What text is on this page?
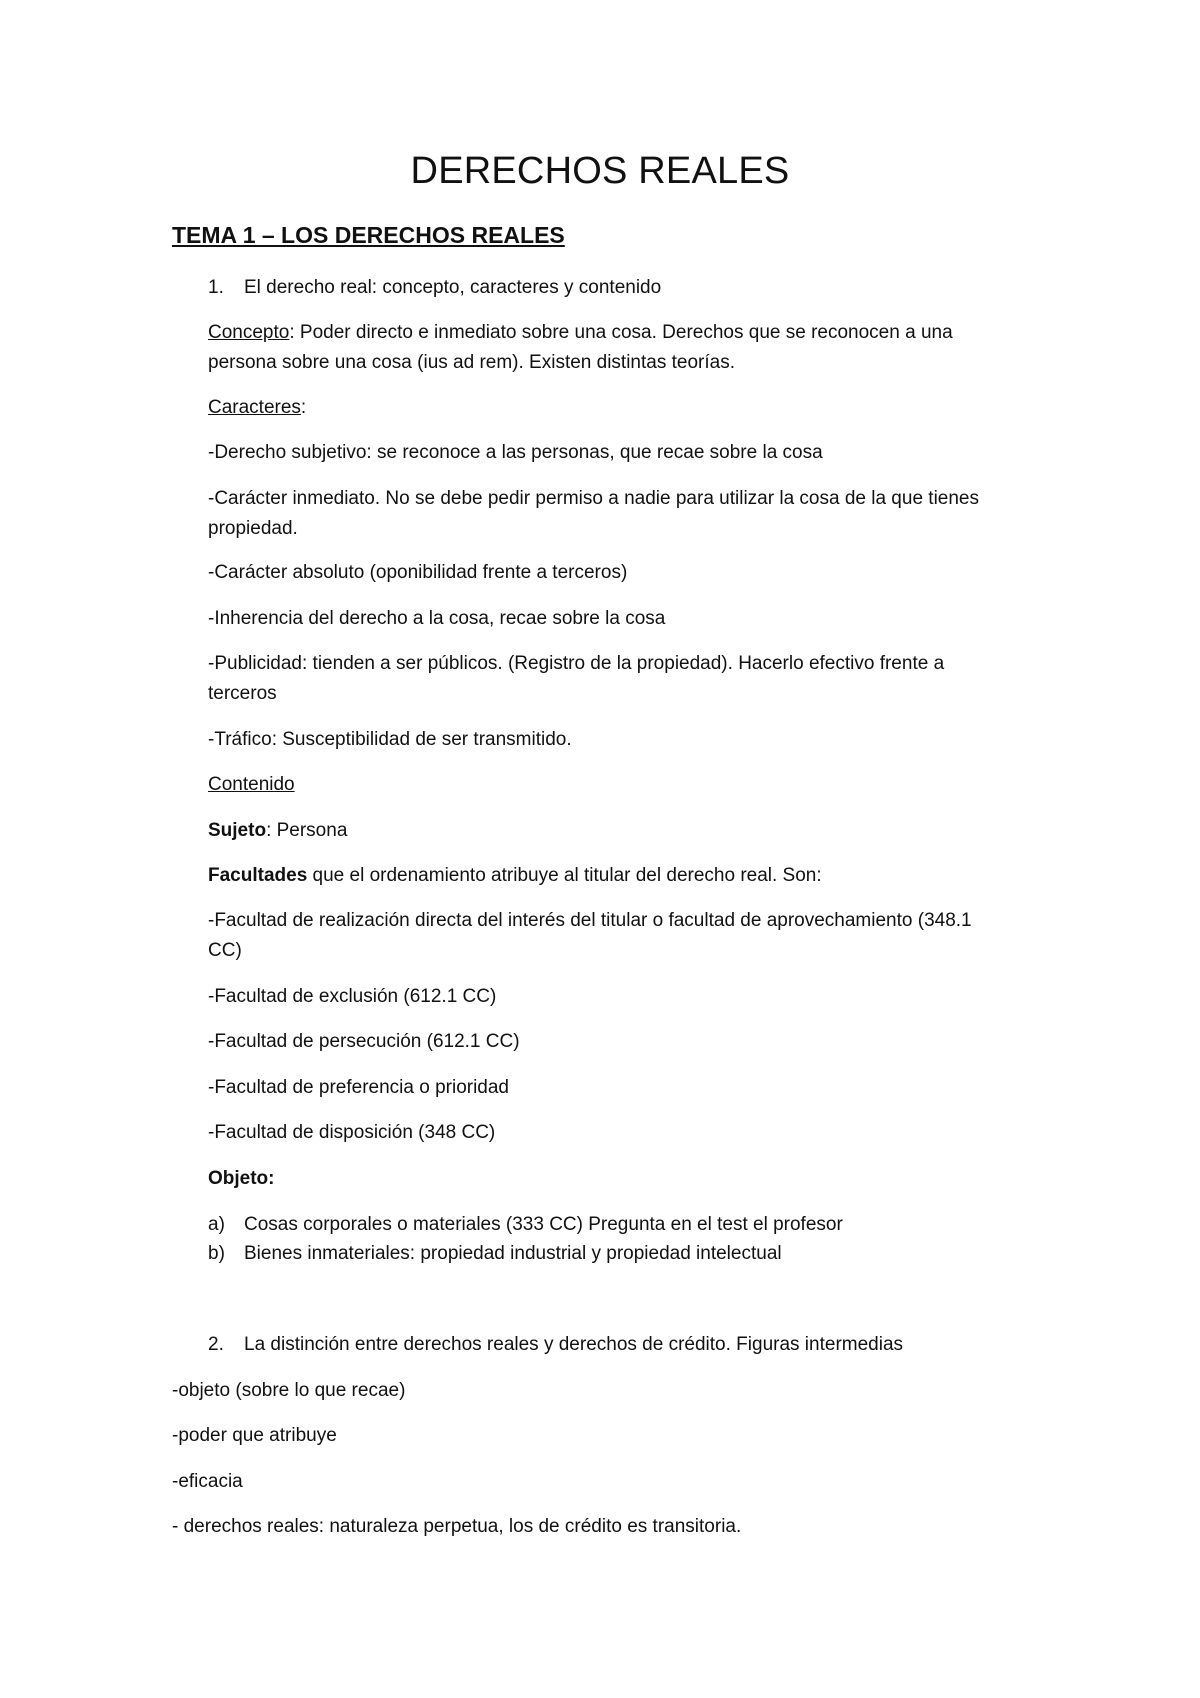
DERECHOS REALES
TEMA 1 – LOS DERECHOS REALES
1. El derecho real: concepto, caracteres y contenido
Concepto: Poder directo e inmediato sobre una cosa. Derechos que se reconocen a una
persona sobre una cosa (ius ad rem). Existen distintas teorías.
Caracteres:
-Derecho subjetivo: se reconoce a las personas, que recae sobre la cosa
-Carácter inmediato. No se debe pedir permiso a nadie para utilizar la cosa de la que tienes
propiedad.
-Carácter absoluto (oponibilidad frente a terceros)
-Inherencia del derecho a la cosa, recae sobre la cosa
-Publicidad: tienden a ser públicos. (Registro de la propiedad). Hacerlo efectivo frente a
terceros
-Tráfico: Susceptibilidad de ser transmitido.
Contenido
Sujeto: Persona
Facultades que el ordenamiento atribuye al titular del derecho real. Son:
-Facultad de realización directa del interés del titular o facultad de aprovechamiento (348.1
CC)
-Facultad de exclusión (612.1 CC)
-Facultad de persecución (612.1 CC)
-Facultad de preferencia o prioridad
-Facultad de disposición (348 CC)
Objeto:
a) Cosas corporales o materiales (333 CC) Pregunta en el test el profesor
b) Bienes inmateriales: propiedad industrial y propiedad intelectual
2. La distinción entre derechos reales y derechos de crédito. Figuras intermedias
-objeto (sobre lo que recae)
-poder que atribuye
-eficacia
- derechos reales: naturaleza perpetua, los de crédito es transitoria.
